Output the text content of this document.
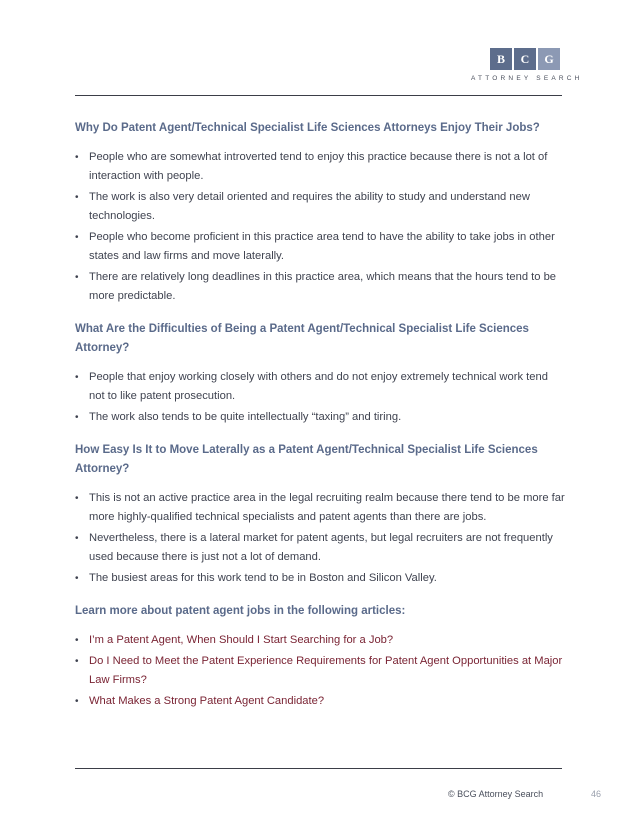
B	C	G
ATTORNEY SEARCH

Why Do Patent Agent/Technical Specialist Life Sciences Attorneys Enjoy Their Jobs?

• People who are somewhat introverted tend to enjoy this practice because there is not a lot of interaction with people.
• The work is also very detail oriented and requires the ability to study and understand new technologies.
• People who become proficient in this practice area tend to have the ability to take jobs in other states and law firms and move laterally.
• There are relatively long deadlines in this practice area, which means that the hours tend to be more predictable.

What Are the Difficulties of Being a Patent Agent/Technical Specialist Life Sciences Attorney?

• People that enjoy working closely with others and do not enjoy extremely technical work tend not to like patent prosecution.
• The work also tends to be quite intellectually “taxing” and tiring.

How Easy Is It to Move Laterally as a Patent Agent/Technical Specialist Life Sciences Attorney?

• This is not an active practice area in the legal recruiting realm because there tend to be more far more highly-qualified technical specialists and patent agents than there are jobs.
• Nevertheless, there is a lateral market for patent agents, but legal recruiters are not frequently used because there is just not a lot of demand.
• The busiest areas for this work tend to be in Boston and Silicon Valley.

Learn more about patent agent jobs in the following articles:

• I’m a Patent Agent, When Should I Start Searching for a Job?
• Do I Need to Meet the Patent Experience Requirements for Patent Agent Opportunities at Major Law Firms?
• What Makes a Strong Patent Agent Candidate?
© BCG Attorney Search	46
